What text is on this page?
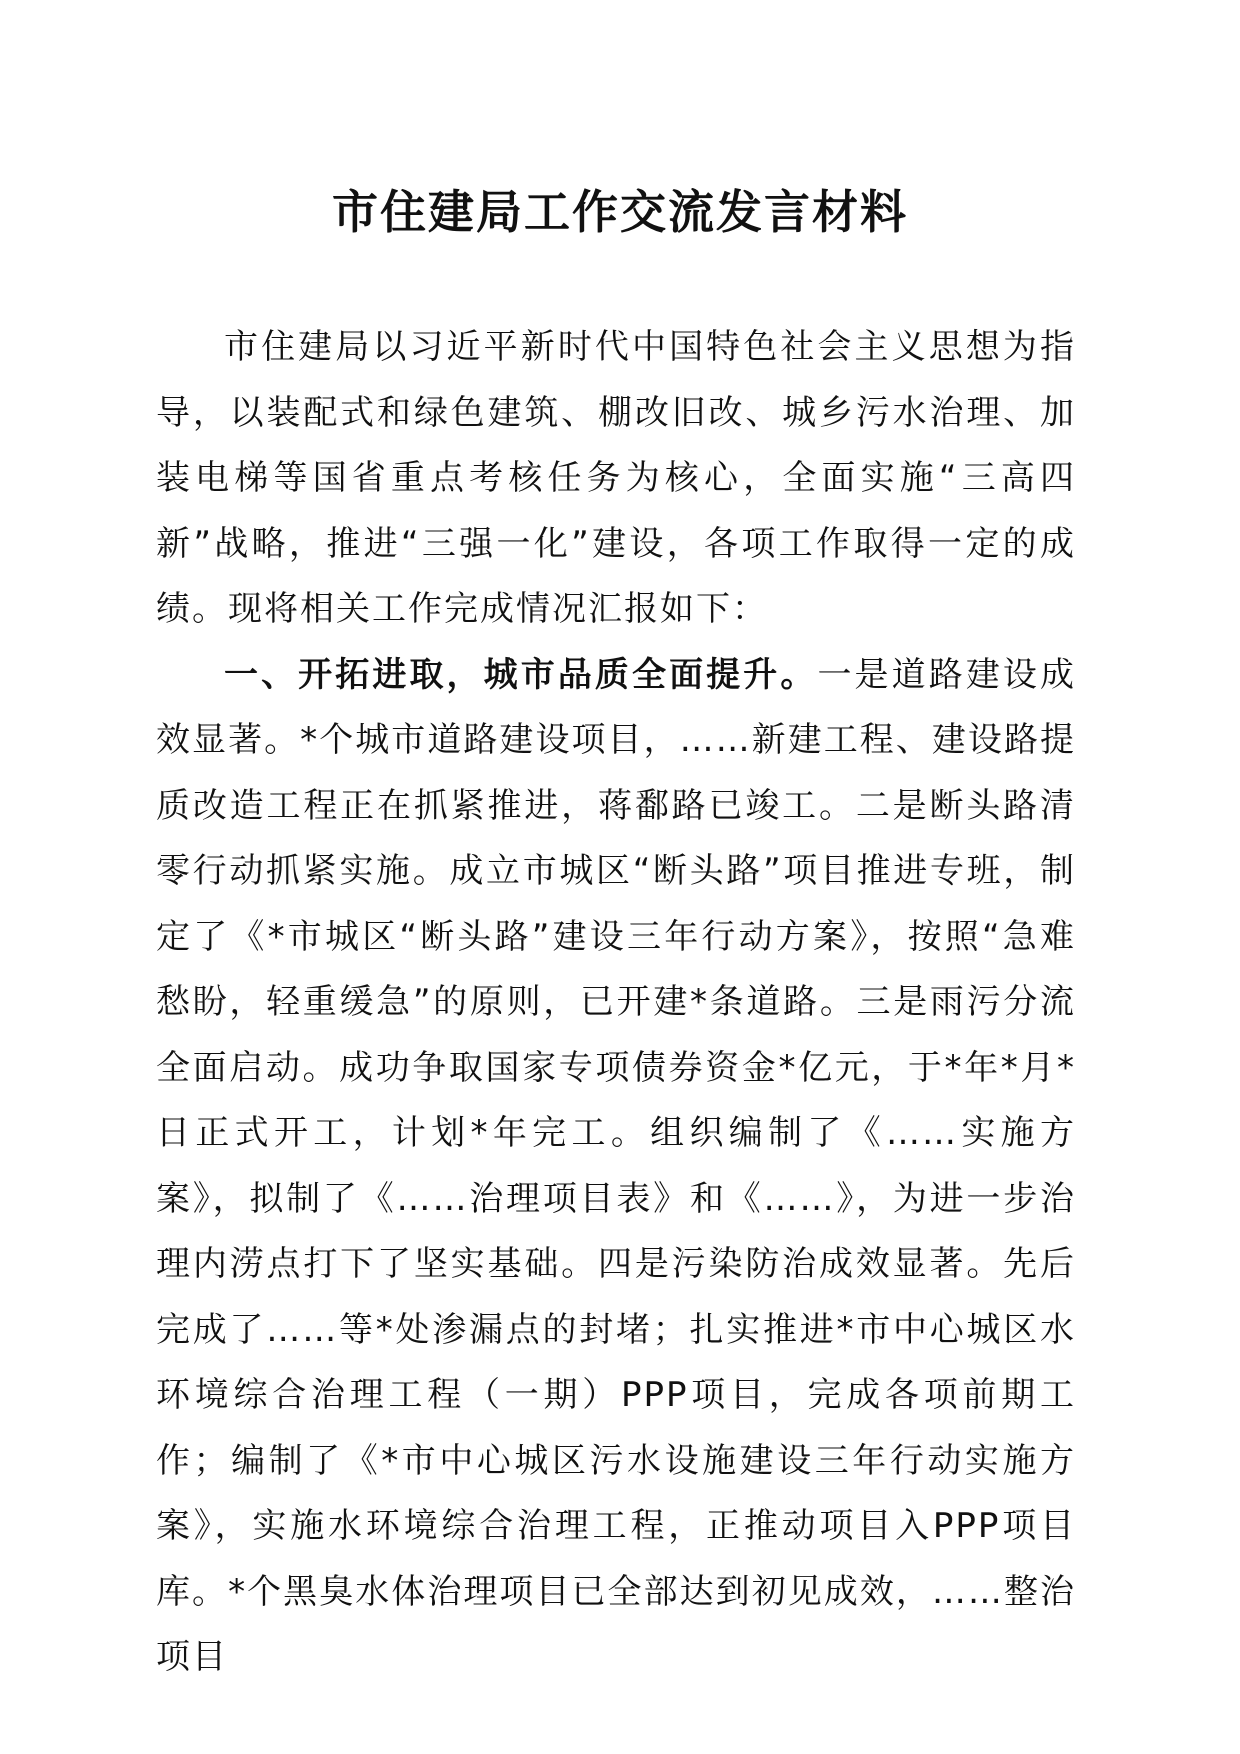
市住建局工作交流发言材料

市住建局以习近平新时代中国特色社会主义思想为指导，以装配式和绿色建筑、棚改旧改、城乡污水治理、加装电梯等国省重点考核任务为核心，全面实施“三高四新”战略，推进“三强一化”建设，各项工作取得一定的成绩。现将相关工作完成情况汇报如下：

一、开拓进取，城市品质全面提升。一是道路建设成效显著。*个城市道路建设项目，……新建工程、建设路提质改造工程正在抓紧推进，蒋鄱路已竣工。二是断头路清零行动抓紧实施。成立市城区“断头路”项目推进专班，制定了《*市城区“断头路”建设三年行动方案》，按照“急难愁盼，轻重缓急”的原则，已开建*条道路。三是雨污分流全面启动。成功争取国家专项债券资金*亿元，于*年*月*日正式开工，计划*年完工。组织编制了《……实施方案》，拟制了《……治理项目表》和《……》，为进一步治理内涝点打下了坚实基础。四是污染防治成效显著。先后完成了……等*处渗漏点的封堵；扎实推进*市中心城区水环境综合治理工程（一期）PPP项目，完成各项前期工作；编制了《*市中心城区污水设施建设三年行动实施方案》，实施水环境综合治理工程，正推动项目入PPP项目库。*个黑臭水体治理项目已全部达到初见成效，……整治项目
